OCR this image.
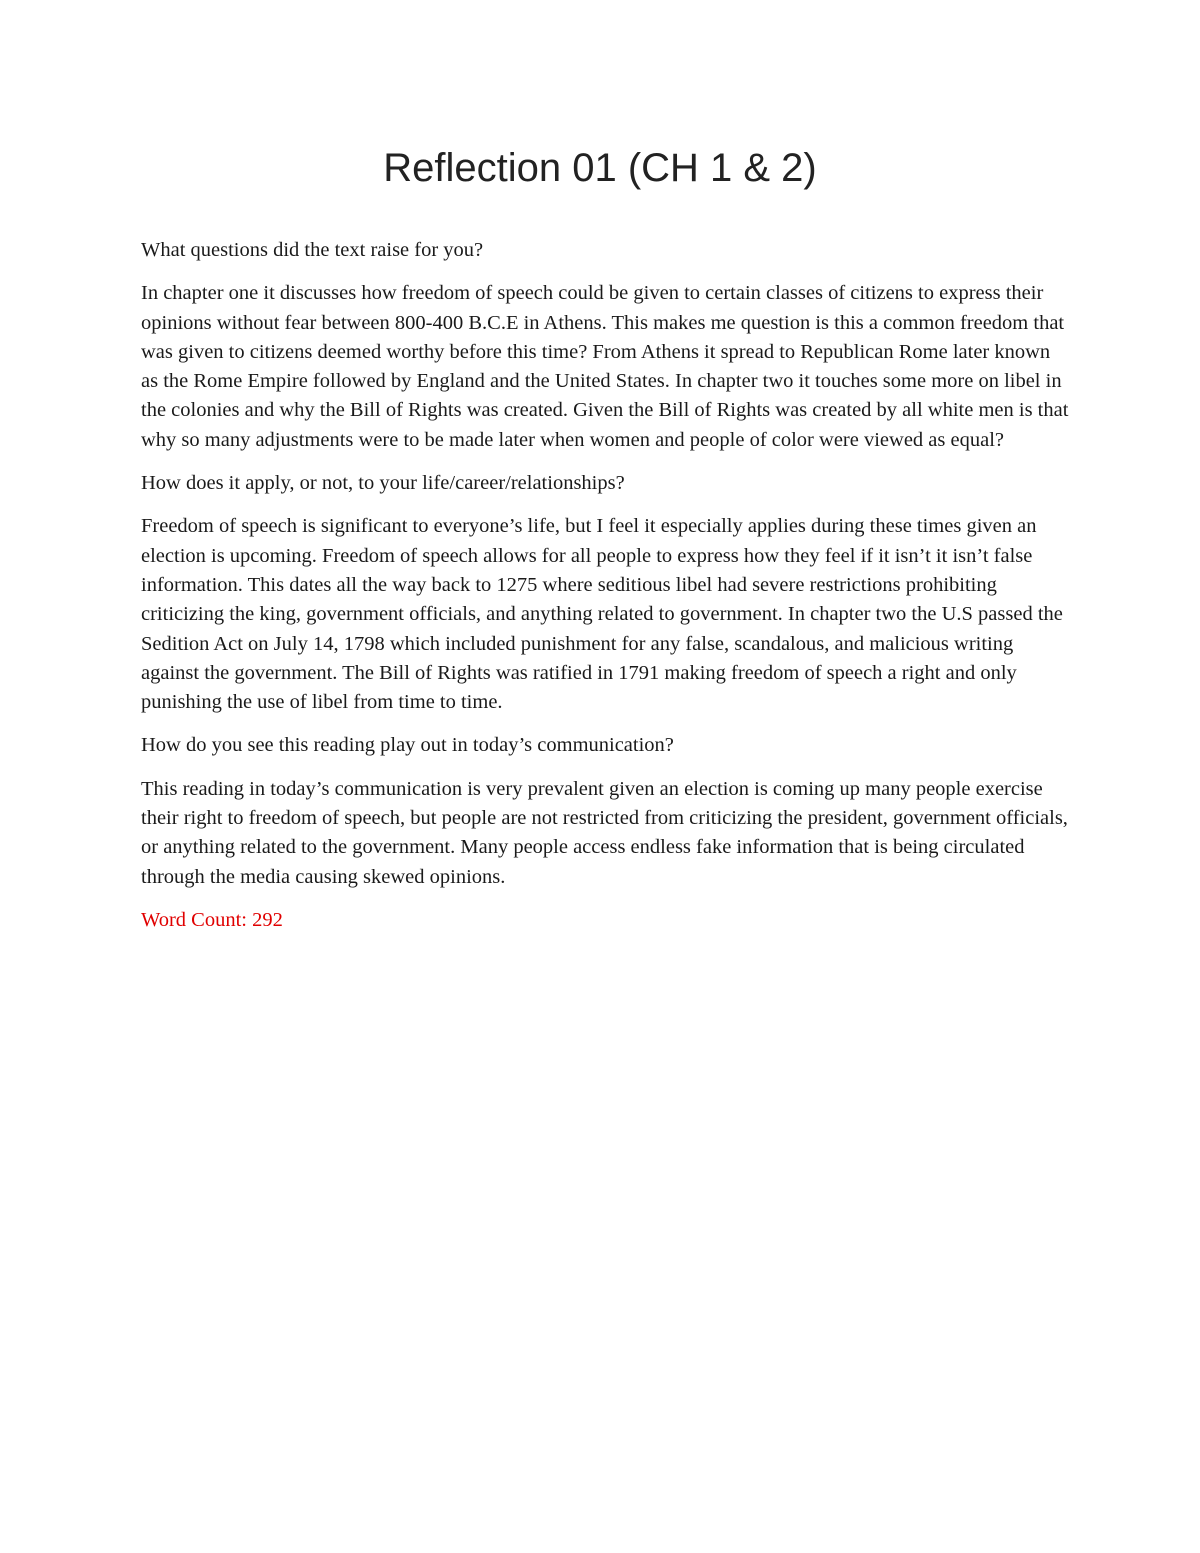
Reflection 01 (CH 1 & 2)

What questions did the text raise for you?

In chapter one it discusses how freedom of speech could be given to certain classes of citizens to express their opinions without fear between 800-400 B.C.E in Athens. This makes me question is this a common freedom that was given to citizens deemed worthy before this time? From Athens it spread to Republican Rome later known as the Rome Empire followed by England and the United States. In chapter two it touches some more on libel in the colonies and why the Bill of Rights was created. Given the Bill of Rights was created by all white men is that why so many adjustments were to be made later when women and people of color were viewed as equal?

How does it apply, or not, to your life/career/relationships?

Freedom of speech is significant to everyone’s life, but I feel it especially applies during these times given an election is upcoming. Freedom of speech allows for all people to express how they feel if it isn’t it isn’t false information. This dates all the way back to 1275 where seditious libel had severe restrictions prohibiting criticizing the king, government officials, and anything related to government. In chapter two the U.S passed the Sedition Act on July 14, 1798 which included punishment for any false, scandalous, and malicious writing against the government. The Bill of Rights was ratified in 1791 making freedom of speech a right and only punishing the use of libel from time to time.

How do you see this reading play out in today’s communication?

This reading in today’s communication is very prevalent given an election is coming up many people exercise their right to freedom of speech, but people are not restricted from criticizing the president, government officials, or anything related to the government. Many people access endless fake information that is being circulated through the media causing skewed opinions.

Word Count: 292
